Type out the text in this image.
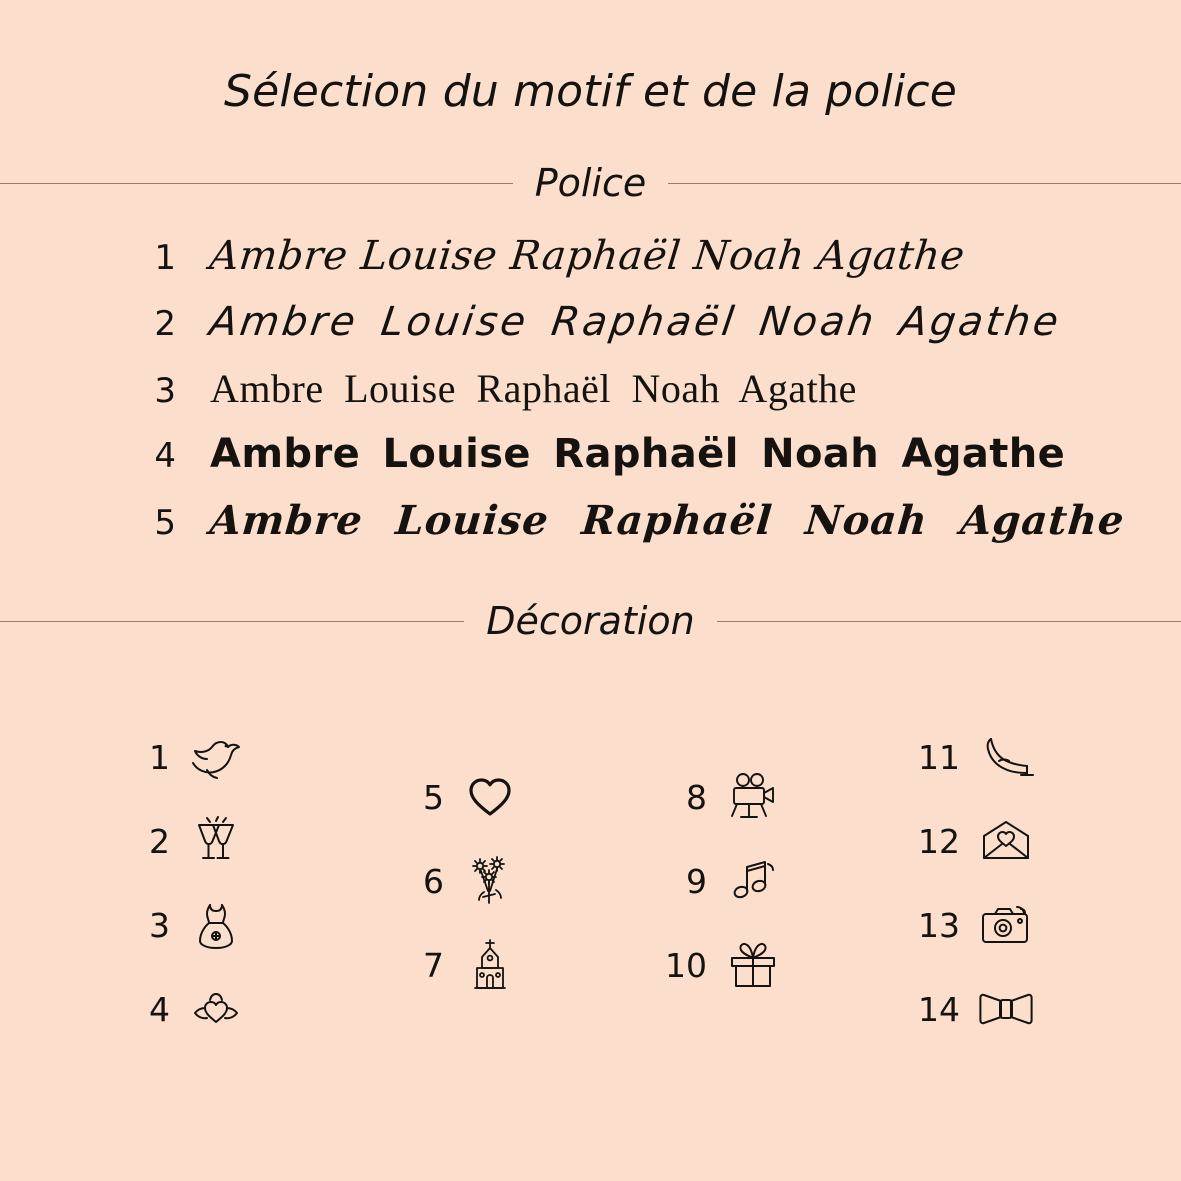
Sélection du motif et de la police
Police
1 Ambre Louise Raphaël Noah Agathe
2 Ambre Louise Raphaël Noah Agathe
3 Ambre Louise Raphaël Noah Agathe
4 Ambre Louise Raphaël Noah Agathe
5 Ambre Louise Raphaël Noah Agathe
Décoration
1
2
3
4
5
6
7
8
9
10
11
12
13
14
